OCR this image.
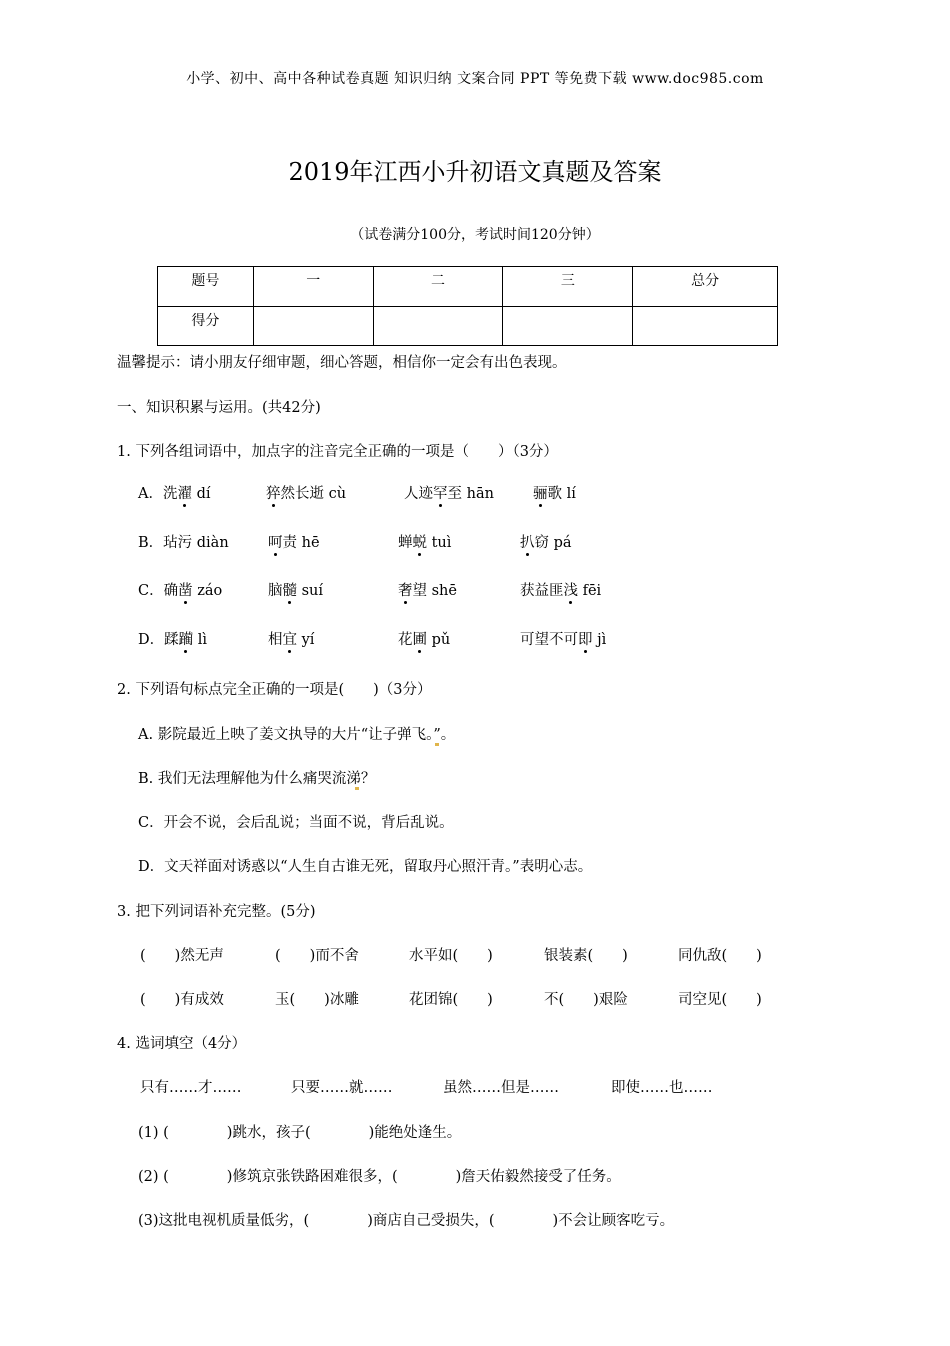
小学、初中、高中各种试卷真题 知识归纳 文案合同 PPT 等免费下载 www.doc985.com
2019年江西小升初语文真题及答案
（试卷满分100分，考试时间120分钟）
题号	一	二	三	总分
得分				
温馨提示：请小朋友仔细审题，细心答题，相信你一定会有出色表现。
一、知识积累与运用。(共42分)
1. 下列各组词语中，加点字的注音完全正确的一项是（　　）（3分）
A．洗濯 dí	猝然长逝 cù	人迹罕至 hān	骊歌 lí
B．玷污 diàn	呵责 hē	蝉蜕 tuì	扒窃 pá
C．确凿 záo	脑髓 suí	奢望 shē	获益匪浅 fēi
D．蹂躏 lì	相宜 yí	花圃 pǔ	可望不可即 jì
2. 下列语句标点完全正确的一项是(　　)（3分）
A. 影院最近上映了姜文执导的大片“让子弹飞。”。
B. 我们无法理解他为什么痛哭流涕？
C．开会不说，会后乱说；当面不说，背后乱说。
D．文天祥面对诱惑以“人生自古谁无死，留取丹心照汗青。”表明心志。
3. 把下列词语补充完整。(5分)
(　　)然无声	(　　)而不舍	水平如(　　)	银装素(　　)	同仇敌(　　)
(　　)有成效	玉(　　)冰雕	花团锦(　　)	不(　　)艰险	司空见(　　)
4. 选词填空（4分）
只有……才……	只要……就……	虽然……但是……	即使……也……
(1) (　　　　)跳水，孩子(　　　　)能绝处逢生。
(2) (　　　　)修筑京张铁路困难很多，(　　　　)詹天佑毅然接受了任务。
(3)这批电视机质量低劣，(　　　　)商店自己受损失，(　　　　)不会让顾客吃亏。
